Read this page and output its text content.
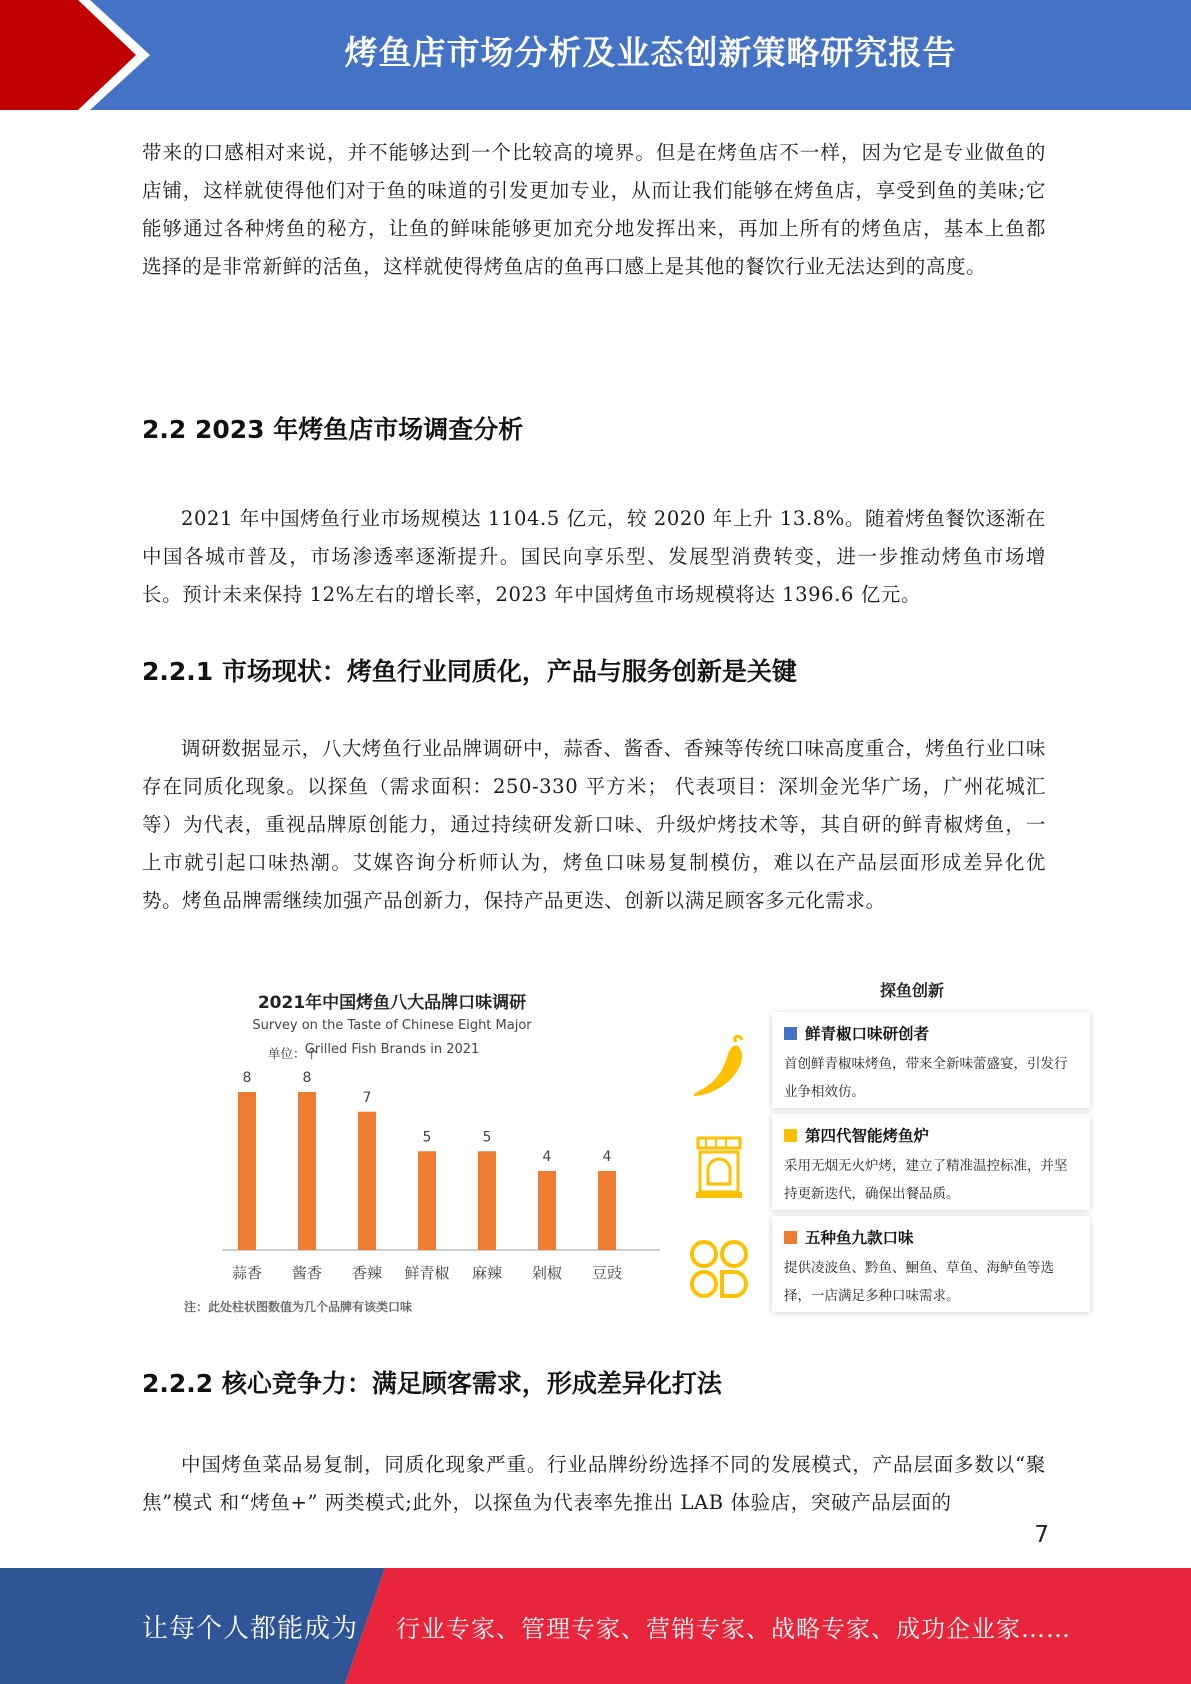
烤鱼店市场分析及业态创新策略研究报告

带来的口感相对来说，并不能够达到一个比较高的境界。但是在烤鱼店不一样，因为它是专业做鱼的店铺，这样就使得他们对于鱼的味道的引发更加专业，从而让我们能够在烤鱼店，享受到鱼的美味;它能够通过各种烤鱼的秘方，让鱼的鲜味能够更加充分地发挥出来，再加上所有的烤鱼店，基本上鱼都选择的是非常新鲜的活鱼，这样就使得烤鱼店的鱼再口感上是其他的餐饮行业无法达到的高度。

2.2 2023 年烤鱼店市场调查分析

2021 年中国烤鱼行业市场规模达 1104.5 亿元，较 2020 年上升 13.8%。随着烤鱼餐饮逐渐在中国各城市普及，市场渗透率逐渐提升。国民向享乐型、发展型消费转变，进一步推动烤鱼市场增长。预计未来保持 12%左右的增长率，2023 年中国烤鱼市场规模将达 1396.6 亿元。

2.2.1 市场现状：烤鱼行业同质化，产品与服务创新是关键

调研数据显示，八大烤鱼行业品牌调研中，蒜香、酱香、香辣等传统口味高度重合，烤鱼行业口味存在同质化现象。以探鱼（需求面积：250-330 平方米； 代表项目：深圳金光华广场，广州花城汇等）为代表，重视品牌原创能力，通过持续研发新口味、升级炉烤技术等，其自研的鲜青椒烤鱼，一上市就引起口味热潮。艾媒咨询分析师认为，烤鱼口味易复制模仿，难以在产品层面形成差异化优势。烤鱼品牌需继续加强产品创新力，保持产品更迭、创新以满足顾客多元化需求。

2021年中国烤鱼八大品牌口味调研
Survey on the Taste of Chinese Eight Major
Grilled Fish Brands in 2021
单位：个
8
蒜香
8
酱香
7
香辣
5
鲜青椒
5
麻辣
4
剁椒
4
豆豉
注：此处柱状图数值为几个品牌有该类口味
探鱼创新
鲜青椒口味研创者
首创鲜青椒味烤鱼，带来全新味蕾盛宴，引发行业争相效仿。
第四代智能烤鱼炉
采用无烟无火炉烤，建立了精准温控标准，并坚持更新迭代，确保出餐品质。
五种鱼九款口味
提供凌波鱼、黔鱼、鮰鱼、草鱼、海鲈鱼等选择，一店满足多种口味需求。
2.2.2 核心竞争力：满足顾客需求，形成差异化打法

中国烤鱼菜品易复制，同质化现象严重。行业品牌纷纷选择不同的发展模式，产品层面多数以“聚焦”模式 和“烤鱼+” 两类模式;此外，以探鱼为代表率先推出 LAB 体验店，突破产品层面的

7
让每个人都能成为 行业专家、管理专家、营销专家、战略专家、成功企业家……
